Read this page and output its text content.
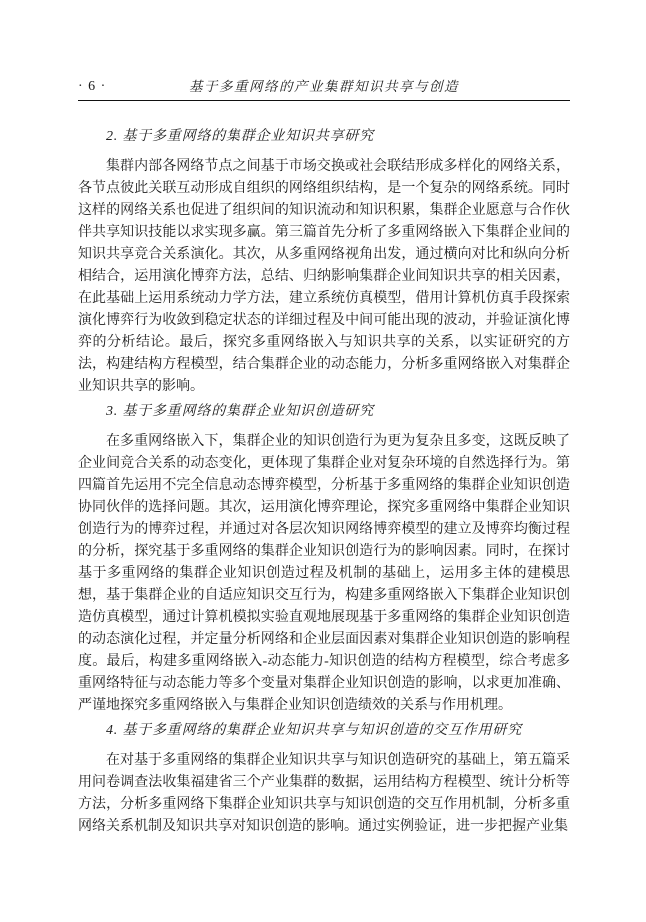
· 6 ·	基于多重网络的产业集群知识共享与创造
2. 基于多重网络的集群企业知识共享研究

集群内部各网络节点之间基于市场交换或社会联结形成多样化的网络关系，各节点彼此关联互动形成自组织的网络组织结构，是一个复杂的网络系统。同时这样的网络关系也促进了组织间的知识流动和知识积累，集群企业愿意与合作伙伴共享知识技能以求实现多赢。第三篇首先分析了多重网络嵌入下集群企业间的知识共享竞合关系演化。其次，从多重网络视角出发，通过横向对比和纵向分析相结合，运用演化博弈方法，总结、归纳影响集群企业间知识共享的相关因素，在此基础上运用系统动力学方法，建立系统仿真模型，借用计算机仿真手段探索演化博弈行为收敛到稳定状态的详细过程及中间可能出现的波动，并验证演化博弈的分析结论。最后，探究多重网络嵌入与知识共享的关系，以实证研究的方法，构建结构方程模型，结合集群企业的动态能力，分析多重网络嵌入对集群企业知识共享的影响。

3. 基于多重网络的集群企业知识创造研究

在多重网络嵌入下，集群企业的知识创造行为更为复杂且多变，这既反映了企业间竞合关系的动态变化，更体现了集群企业对复杂环境的自然选择行为。第四篇首先运用不完全信息动态博弈模型，分析基于多重网络的集群企业知识创造协同伙伴的选择问题。其次，运用演化博弈理论，探究多重网络中集群企业知识创造行为的博弈过程，并通过对各层次知识网络博弈模型的建立及博弈均衡过程的分析，探究基于多重网络的集群企业知识创造行为的影响因素。同时，在探讨基于多重网络的集群企业知识创造过程及机制的基础上，运用多主体的建模思想，基于集群企业的自适应知识交互行为，构建多重网络嵌入下集群企业知识创造仿真模型，通过计算机模拟实验直观地展现基于多重网络的集群企业知识创造的动态演化过程，并定量分析网络和企业层面因素对集群企业知识创造的影响程度。最后，构建多重网络嵌入-动态能力-知识创造的结构方程模型，综合考虑多重网络特征与动态能力等多个变量对集群企业知识创造的影响，以求更加准确、严谨地探究多重网络嵌入与集群企业知识创造绩效的关系与作用机理。

4. 基于多重网络的集群企业知识共享与知识创造的交互作用研究

在对基于多重网络的集群企业知识共享与知识创造研究的基础上，第五篇采用问卷调查法收集福建省三个产业集群的数据，运用结构方程模型、统计分析等方法，分析多重网络下集群企业知识共享与知识创造的交互作用机制，分析多重网络关系机制及知识共享对知识创造的影响。通过实例验证，进一步把握产业集
